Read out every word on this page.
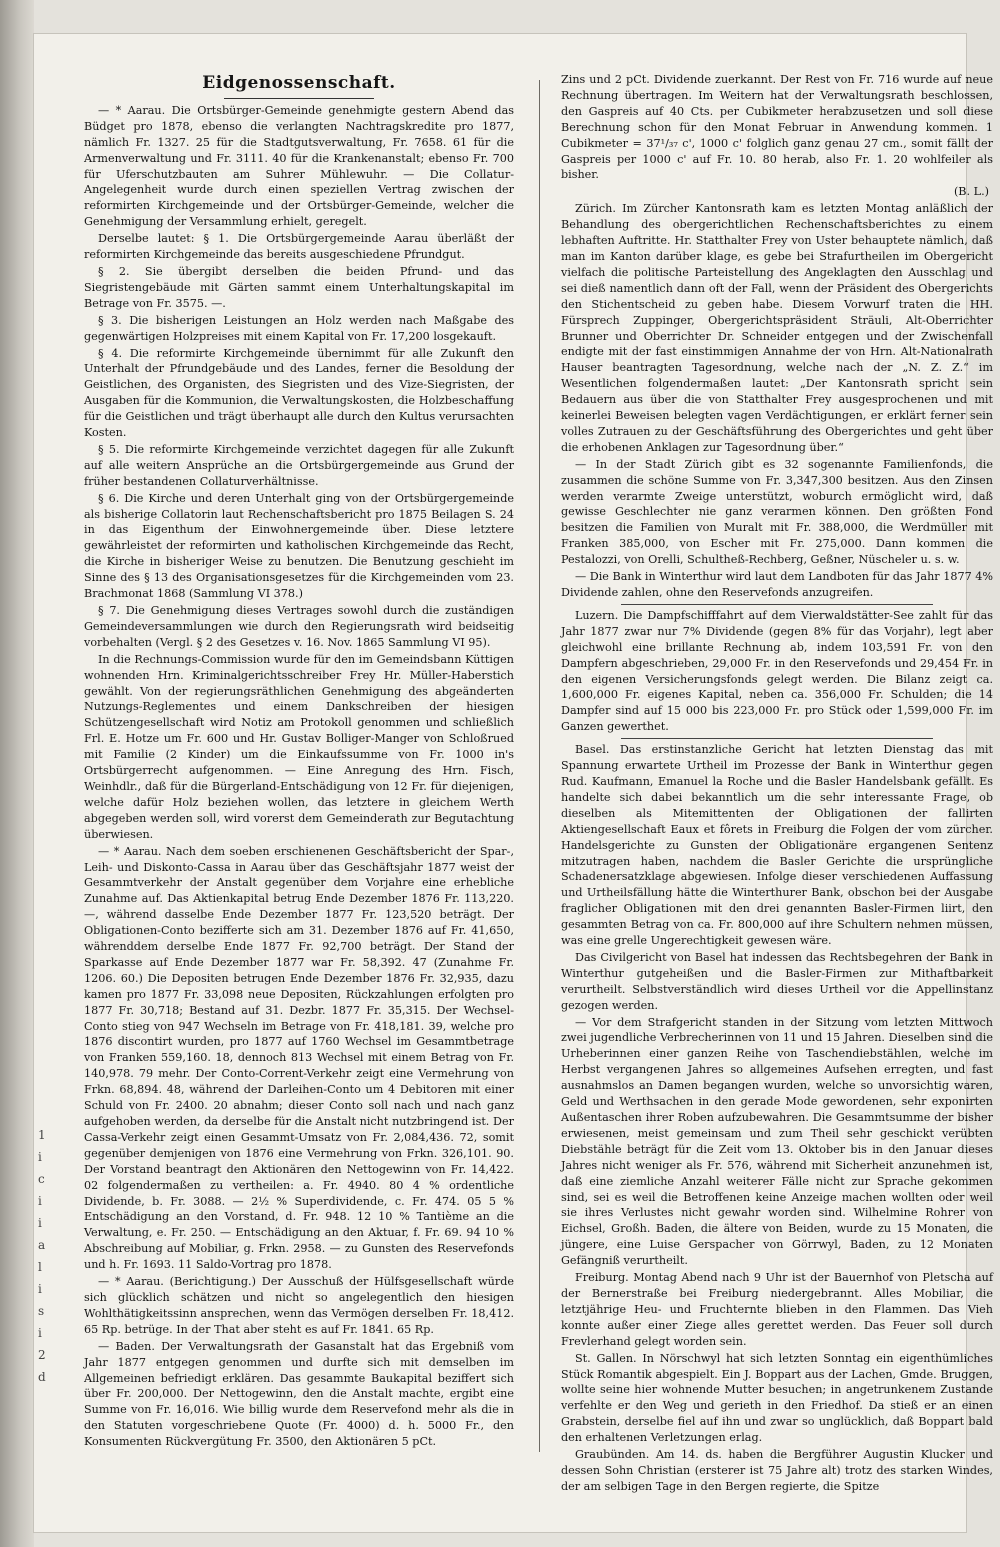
1
i
c
i
i
a
l
i
s
i
2
d
Eidgenossenschaft.

— * Aarau. Die Ortsbürger-Gemeinde genehmigte gestern Abend das Büdget pro 1878, ebenso die verlangten Nachtragskredite pro 1877, nämlich Fr. 1327. 25 für die Stadtgutsverwaltung, Fr. 7658. 61 für die Armenverwaltung und Fr. 3111. 40 für die Krankenanstalt; ebenso Fr. 700 für Uferschutzbauten am Suhrer Mühlewuhr. — Die Collatur-Angelegenheit wurde durch einen speziellen Vertrag zwischen der reformirten Kirchgemeinde und der Ortsbürger-Gemeinde, welcher die Genehmigung der Versammlung erhielt, geregelt.

Derselbe lautet: § 1. Die Ortsbürgergemeinde Aarau überläßt der reformirten Kirchgemeinde das bereits ausgeschiedene Pfrundgut.

§ 2. Sie übergibt derselben die beiden Pfrund- und das Siegristengebäude mit Gärten sammt einem Unterhaltungskapital im Betrage von Fr. 3575. —.

§ 3. Die bisherigen Leistungen an Holz werden nach Maßgabe des gegenwärtigen Holzpreises mit einem Kapital von Fr. 17,200 losgekauft.

§ 4. Die reformirte Kirchgemeinde übernimmt für alle Zukunft den Unterhalt der Pfrundgebäude und des Landes, ferner die Besoldung der Geistlichen, des Organisten, des Siegristen und des Vize-Siegristen, der Ausgaben für die Kommunion, die Verwaltungskosten, die Holzbeschaffung für die Geistlichen und trägt überhaupt alle durch den Kultus verursachten Kosten.

§ 5. Die reformirte Kirchgemeinde verzichtet dagegen für alle Zukunft auf alle weitern Ansprüche an die Ortsbürgergemeinde aus Grund der früher bestandenen Collaturverhältnisse.

§ 6. Die Kirche und deren Unterhalt ging von der Ortsbürgergemeinde als bisherige Collatorin laut Rechenschaftsbericht pro 1875 Beilagen S. 24 in das Eigenthum der Einwohnergemeinde über. Diese letztere gewährleistet der reformirten und katholischen Kirchgemeinde das Recht, die Kirche in bisheriger Weise zu benutzen. Die Benutzung geschieht im Sinne des § 13 des Organisationsgesetzes für die Kirchgemeinden vom 23. Brachmonat 1868 (Sammlung VI 378.)

§ 7. Die Genehmigung dieses Vertrages sowohl durch die zuständigen Gemeindeversammlungen wie durch den Regierungsrath wird beidseitig vorbehalten (Vergl. § 2 des Gesetzes v. 16. Nov. 1865 Sammlung VI 95).

In die Rechnungs-Commission wurde für den im Gemeindsbann Küttigen wohnenden Hrn. Kriminalgerichtsschreiber Frey Hr. Müller-Haberstich gewählt. Von der regierungsräthlichen Genehmigung des abgeänderten Nutzungs-Reglementes und einem Dankschreiben der hiesigen Schützengesellschaft wird Notiz am Protokoll genommen und schließlich Frl. E. Hotze um Fr. 600 und Hr. Gustav Bolliger-Manger von Schloßrued mit Familie (2 Kinder) um die Einkaufssumme von Fr. 1000 in's Ortsbürgerrecht aufgenommen. — Eine Anregung des Hrn. Fisch, Weinhdlr., daß für die Bürgerland-Entschädigung von 12 Fr. für diejenigen, welche dafür Holz beziehen wollen, das letztere in gleichem Werth abgegeben werden soll, wird vorerst dem Gemeinderath zur Begutachtung überwiesen.

— * Aarau. Nach dem soeben erschienenen Geschäftsbericht der Spar-, Leih- und Diskonto-Cassa in Aarau über das Geschäftsjahr 1877 weist der Gesammtverkehr der Anstalt gegenüber dem Vorjahre eine erhebliche Zunahme auf. Das Aktienkapital betrug Ende Dezember 1876 Fr. 113,220. —, während dasselbe Ende Dezember 1877 Fr. 123,520 beträgt. Der Obligationen-Conto bezifferte sich am 31. Dezember 1876 auf Fr. 41,650, währenddem derselbe Ende 1877 Fr. 92,700 beträgt. Der Stand der Sparkasse auf Ende Dezember 1877 war Fr. 58,392. 47 (Zunahme Fr. 1206. 60.) Die Depositen betrugen Ende Dezember 1876 Fr. 32,935, dazu kamen pro 1877 Fr. 33,098 neue Depositen, Rückzahlungen erfolgten pro 1877 Fr. 30,718; Bestand auf 31. Dezbr. 1877 Fr. 35,315. Der Wechsel-Conto stieg von 947 Wechseln im Betrage von Fr. 418,181. 39, welche pro 1876 discontirt wurden, pro 1877 auf 1760 Wechsel im Gesammtbetrage von Franken 559,160. 18, dennoch 813 Wechsel mit einem Betrag von Fr. 140,978. 79 mehr. Der Conto-Corrent-Verkehr zeigt eine Vermehrung von Frkn. 68,894. 48, während der Darleihen-Conto um 4 Debitoren mit einer Schuld von Fr. 2400. 20 abnahm; dieser Conto soll nach und nach ganz aufgehoben werden, da derselbe für die Anstalt nicht nutzbringend ist. Der Cassa-Verkehr zeigt einen Gesammt-Umsatz von Fr. 2,084,436. 72, somit gegenüber demjenigen von 1876 eine Vermehrung von Frkn. 326,101. 90. Der Vorstand beantragt den Aktionären den Nettogewinn von Fr. 14,422. 02 folgendermaßen zu vertheilen: a. Fr. 4940. 80 4 % ordentliche Dividende, b. Fr. 3088. — 2½ % Superdividende, c. Fr. 474. 05 5 % Entschädigung an den Vorstand, d. Fr. 948. 12 10 % Tantième an die Verwaltung, e. Fr. 250. — Entschädigung an den Aktuar, f. Fr. 69. 94 10 % Abschreibung auf Mobiliar, g. Frkn. 2958. — zu Gunsten des Reservefonds und h. Fr. 1693. 11 Saldo-Vortrag pro 1878.

— * Aarau. (Berichtigung.) Der Ausschuß der Hülfsgesellschaft würde sich glücklich schätzen und nicht so angelegentlich den hiesigen Wohlthätigkeitssinn ansprechen, wenn das Vermögen derselben Fr. 18,412. 65 Rp. betrüge. In der That aber steht es auf Fr. 1841. 65 Rp.

— Baden. Der Verwaltungsrath der Gasanstalt hat das Ergebniß vom Jahr 1877 entgegen genommen und durfte sich mit demselben im Allgemeinen befriedigt erklären. Das gesammte Baukapital beziffert sich über Fr. 200,000. Der Nettogewinn, den die Anstalt machte, ergibt eine Summe von Fr. 16,016. Wie billig wurde dem Reservefond mehr als die in den Statuten vorgeschriebene Quote (Fr. 4000) d. h. 5000 Fr., den Konsumenten Rückvergütung Fr. 3500, den Aktionären 5 pCt.

Zins und 2 pCt. Dividende zuerkannt. Der Rest von Fr. 716 wurde auf neue Rechnung übertragen. Im Weitern hat der Verwaltungsrath beschlossen, den Gaspreis auf 40 Cts. per Cubikmeter herabzusetzen und soll diese Berechnung schon für den Monat Februar in Anwendung kommen. 1 Cubikmeter = 37¹/₃₇ c', 1000 c' folglich ganz genau 27 cm., somit fällt der Gaspreis per 1000 c' auf Fr. 10. 80 herab, also Fr. 1. 20 wohlfeiler als bisher.

(B. L.)

Zürich. Im Zürcher Kantonsrath kam es letzten Montag anläßlich der Behandlung des obergerichtlichen Rechenschaftsberichtes zu einem lebhaften Auftritte. Hr. Statthalter Frey von Uster behauptete nämlich, daß man im Kanton darüber klage, es gebe bei Strafurtheilen im Obergericht vielfach die politische Parteistellung des Angeklagten den Ausschlag und sei dieß namentlich dann oft der Fall, wenn der Präsident des Obergerichts den Stichentscheid zu geben habe. Diesem Vorwurf traten die HH. Fürsprech Zuppinger, Obergerichtspräsident Sträuli, Alt-Oberrichter Brunner und Oberrichter Dr. Schneider entgegen und der Zwischenfall endigte mit der fast einstimmigen Annahme der von Hrn. Alt-Nationalrath Hauser beantragten Tagesordnung, welche nach der „N. Z. Z.“ im Wesentlichen folgendermaßen lautet: „Der Kantonsrath spricht sein Bedauern aus über die von Statthalter Frey ausgesprochenen und mit keinerlei Beweisen belegten vagen Verdächtigungen, er erklärt ferner sein volles Zutrauen zu der Geschäftsführung des Obergerichtes und geht über die erhobenen Anklagen zur Tagesordnung über.“

— In der Stadt Zürich gibt es 32 sogenannte Familienfonds, die zusammen die schöne Summe von Fr. 3,347,300 besitzen. Aus den Zinsen werden verarmte Zweige unterstützt, woburch ermöglicht wird, daß gewisse Geschlechter nie ganz verarmen können. Den größten Fond besitzen die Familien von Muralt mit Fr. 388,000, die Werdmüller mit Franken 385,000, von Escher mit Fr. 275,000. Dann kommen die Pestalozzi, von Orelli, Schultheß-Rechberg, Geßner, Nüscheler u. s. w.

— Die Bank in Winterthur wird laut dem Landboten für das Jahr 1877 4% Dividende zahlen, ohne den Reservefonds anzugreifen.

Luzern. Die Dampfschifffahrt auf dem Vierwaldstätter-See zahlt für das Jahr 1877 zwar nur 7% Dividende (gegen 8% für das Vorjahr), legt aber gleichwohl eine brillante Rechnung ab, indem 103,591 Fr. von den Dampfern abgeschrieben, 29,000 Fr. in den Reservefonds und 29,454 Fr. in den eigenen Versicherungsfonds gelegt werden. Die Bilanz zeigt ca. 1,600,000 Fr. eigenes Kapital, neben ca. 356,000 Fr. Schulden; die 14 Dampfer sind auf 15 000 bis 223,000 Fr. pro Stück oder 1,599,000 Fr. im Ganzen gewerthet.

Basel. Das erstinstanzliche Gericht hat letzten Dienstag das mit Spannung erwartete Urtheil im Prozesse der Bank in Winterthur gegen Rud. Kaufmann, Emanuel la Roche und die Basler Handelsbank gefällt. Es handelte sich dabei bekanntlich um die sehr interessante Frage, ob dieselben als Mitemittenten der Obligationen der fallirten Aktiengesellschaft Eaux et fôrets in Freiburg die Folgen der vom zürcher. Handelsgerichte zu Gunsten der Obligationäre ergangenen Sentenz mitzutragen haben, nachdem die Basler Gerichte die ursprüngliche Schadenersatzklage abgewiesen. Infolge dieser verschiedenen Auffassung und Urtheilsfällung hätte die Winterthurer Bank, obschon bei der Ausgabe fraglicher Obligationen mit den drei genannten Basler-Firmen liirt, den gesammten Betrag von ca. Fr. 800,000 auf ihre Schultern nehmen müssen, was eine grelle Ungerechtigkeit gewesen wäre.

Das Civilgericht von Basel hat indessen das Rechtsbegehren der Bank in Winterthur gutgeheißen und die Basler-Firmen zur Mithaftbarkeit verurtheilt. Selbstverständlich wird dieses Urtheil vor die Appellinstanz gezogen werden.

— Vor dem Strafgericht standen in der Sitzung vom letzten Mittwoch zwei jugendliche Verbrecherinnen von 11 und 15 Jahren. Dieselben sind die Urheberinnen einer ganzen Reihe von Taschendiebstählen, welche im Herbst vergangenen Jahres so allgemeines Aufsehen erregten, und fast ausnahmslos an Damen begangen wurden, welche so unvorsichtig waren, Geld und Werthsachen in den gerade Mode gewordenen, sehr exponirten Außentaschen ihrer Roben aufzubewahren. Die Gesammtsumme der bisher erwiesenen, meist gemeinsam und zum Theil sehr geschickt verübten Diebstähle beträgt für die Zeit vom 13. Oktober bis in den Januar dieses Jahres nicht weniger als Fr. 576, während mit Sicherheit anzunehmen ist, daß eine ziemliche Anzahl weiterer Fälle nicht zur Sprache gekommen sind, sei es weil die Betroffenen keine Anzeige machen wollten oder weil sie ihres Verlustes nicht gewahr worden sind. Wilhelmine Rohrer von Eichsel, Großh. Baden, die ältere von Beiden, wurde zu 15 Monaten, die jüngere, eine Luise Gerspacher von Görrwyl, Baden, zu 12 Monaten Gefängniß verurtheilt.

Freiburg. Montag Abend nach 9 Uhr ist der Bauernhof von Pletscha auf der Bernerstraße bei Freiburg niedergebrannt. Alles Mobiliar, die letztjährige Heu- und Fruchternte blieben in den Flammen. Das Vieh konnte außer einer Ziege alles gerettet werden. Das Feuer soll durch Frevlerhand gelegt worden sein.

St. Gallen. In Nörschwyl hat sich letzten Sonntag ein eigenthümliches Stück Romantik abgespielt. Ein J. Boppart aus der Lachen, Gmde. Bruggen, wollte seine hier wohnende Mutter besuchen; in angetrunkenem Zustande verfehlte er den Weg und gerieth in den Friedhof. Da stieß er an einen Grabstein, derselbe fiel auf ihn und zwar so unglücklich, daß Boppart bald den erhaltenen Verletzungen erlag.

Graubünden. Am 14. ds. haben die Bergführer Augustin Klucker und dessen Sohn Christian (ersterer ist 75 Jahre alt) trotz des starken Windes, der am selbigen Tage in den Bergen regierte, die Spitze
